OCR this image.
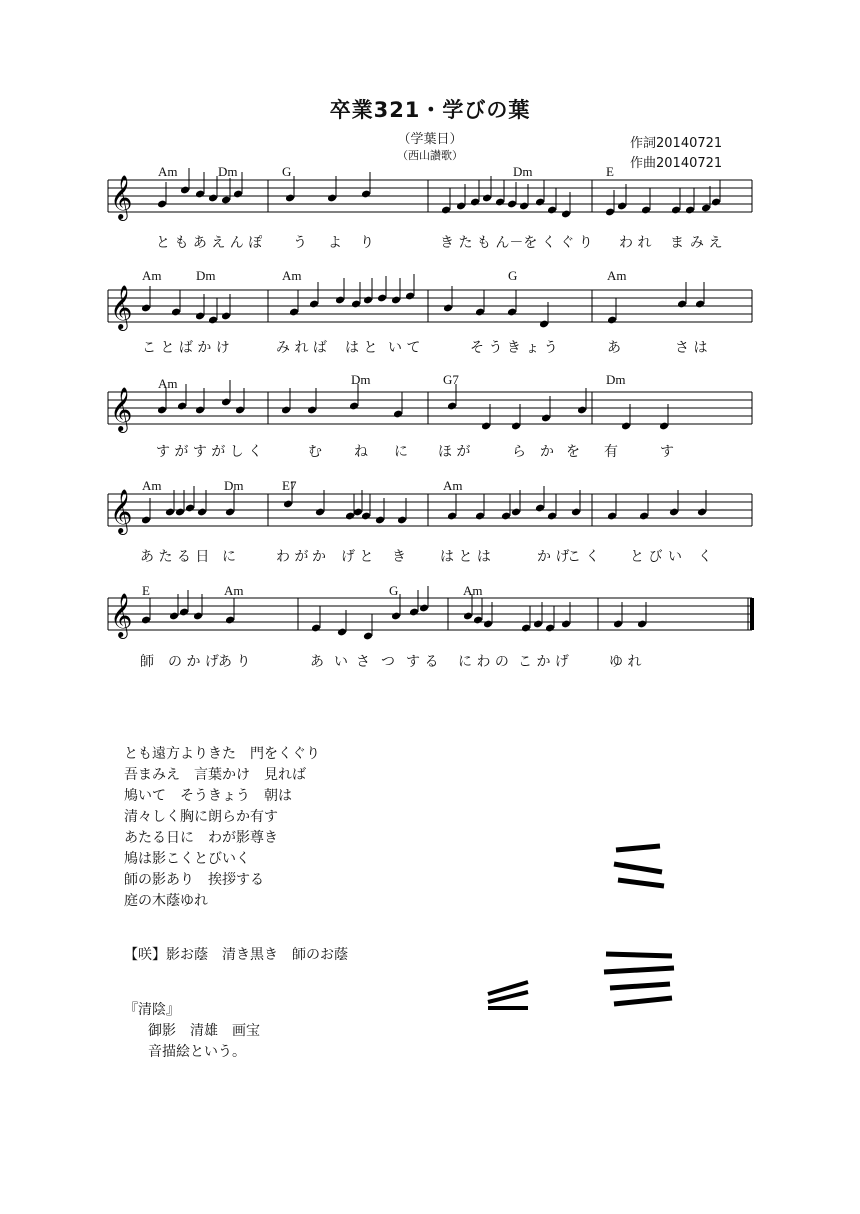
卒業321・学びの葉
（学葉日）
（西山讃歌）
作詞20140721
作曲20140721
𝄞
𝄞
𝄞
𝄞
𝄞
Am	Dm	G	Dm	E
と も あ え ん ぽ う よ り	き た も ん－を く ぐ り わ れ ま み え
Am	Dm	Am	G	Am
こ と ば か け	み れ ば は と い て	そ う き ょ う	あ	さ は
Am	Dm	G7	Dm
す が す が し く	む ね に ほ が	ら か を 有	す
Am	Dm	E7	Am
あ た る 日 に	わ が か げ と き は と は	か げ
こ く と び い く
E	Am	G	Am
師 の か げ あ り	あ い さ つ す る に わ の こ か げ	ゆ れ
とも遠方よりきた　門をくぐり
吾まみえ　言葉かけ　見れば
鳩いて　そうきょう　朝は
清々しく胸に朗らか有す
あたる日に　わが影尊き
鳩は影こくとびいく
師の影あり　挨拶する
庭の木蔭ゆれ
【咲】影お蔭　清き黒き　師のお蔭
『清陰』
御影　清雄　画宝
音描絵という。
